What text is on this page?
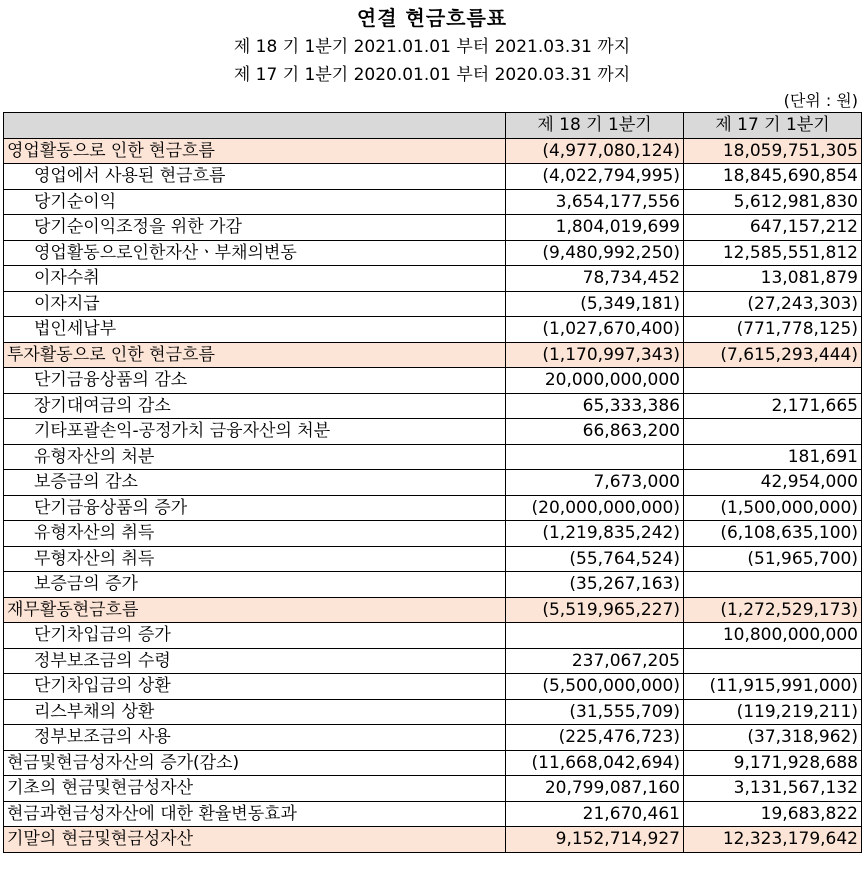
연결 현금흐름표
제 18 기 1분기 2021.01.01 부터 2021.03.31 까지
제 17 기 1분기 2020.01.01 부터 2020.03.31 까지
(단위 : 원)
	제 18 기 1분기	제 17 기 1분기
영업활동으로 인한 현금흐름	(4,977,080,124)	18,059,751,305
영업에서 사용된 현금흐름	(4,022,794,995)	18,845,690,854
당기순이익	3,654,177,556	5,612,981,830
당기순이익조정을 위한 가감	1,804,019,699	647,157,212
영업활동으로인한자산ㆍ부채의변동	(9,480,992,250)	12,585,551,812
이자수취	78,734,452	13,081,879
이자지급	(5,349,181)	(27,243,303)
법인세납부	(1,027,670,400)	(771,778,125)
투자활동으로 인한 현금흐름	(1,170,997,343)	(7,615,293,444)
단기금융상품의 감소	20,000,000,000	
장기대여금의 감소	65,333,386	2,171,665
기타포괄손익-공정가치 금융자산의 처분	66,863,200	
유형자산의 처분		181,691
보증금의 감소	7,673,000	42,954,000
단기금융상품의 증가	(20,000,000,000)	(1,500,000,000)
유형자산의 취득	(1,219,835,242)	(6,108,635,100)
무형자산의 취득	(55,764,524)	(51,965,700)
보증금의 증가	(35,267,163)	
재무활동현금흐름	(5,519,965,227)	(1,272,529,173)
단기차입금의 증가		10,800,000,000
정부보조금의 수령	237,067,205	
단기차입금의 상환	(5,500,000,000)	(11,915,991,000)
리스부채의 상환	(31,555,709)	(119,219,211)
정부보조금의 사용	(225,476,723)	(37,318,962)
현금및현금성자산의 증가(감소)	(11,668,042,694)	9,171,928,688
기초의 현금및현금성자산	20,799,087,160	3,131,567,132
현금과현금성자산에 대한 환율변동효과	21,670,461	19,683,822
기말의 현금및현금성자산	9,152,714,927	12,323,179,642
